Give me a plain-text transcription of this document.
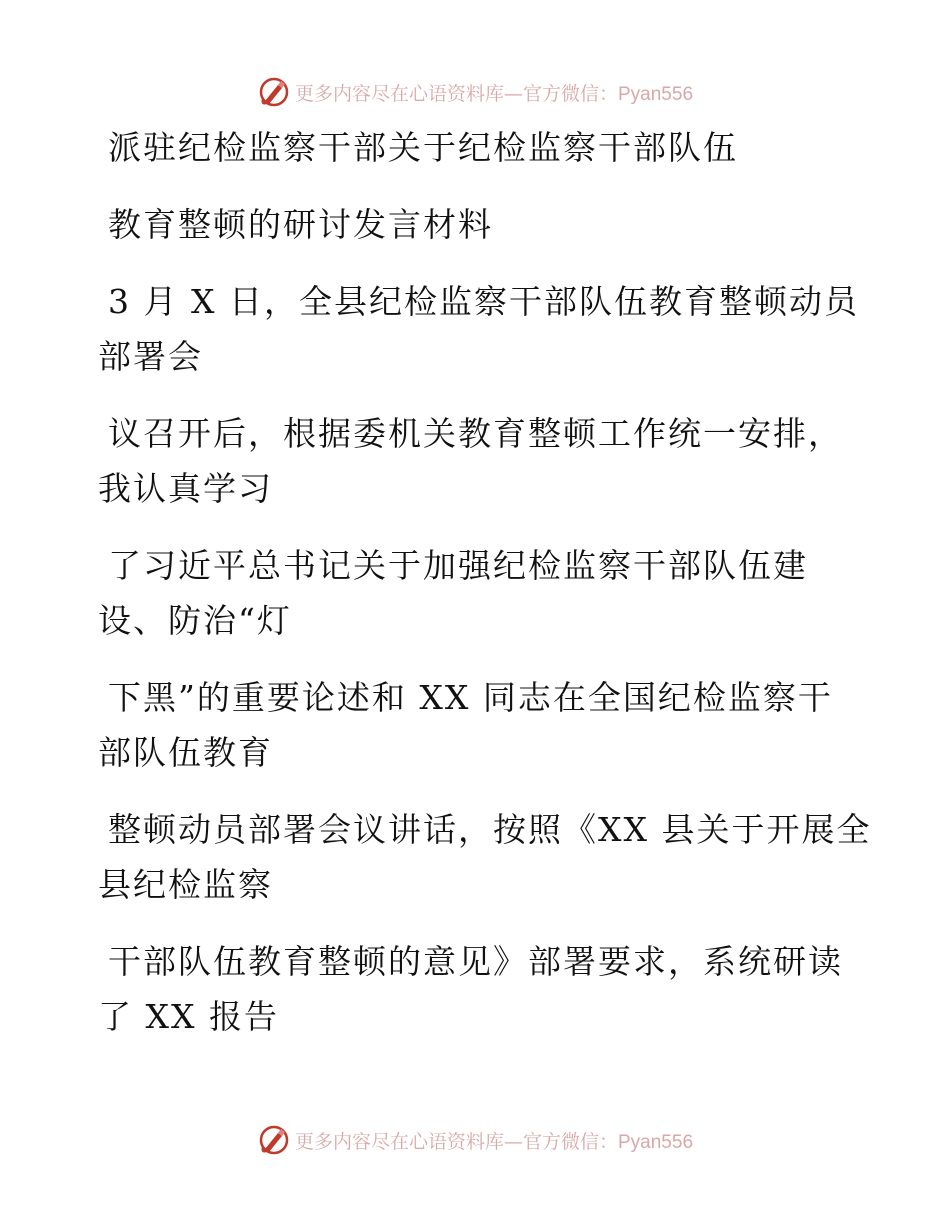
更多内容尽在心语资料库—官方微信：Pyan556
派驻纪检监察干部关于纪检监察干部队伍
教育整顿的研讨发言材料
3 月 X 日，全县纪检监察干部队伍教育整顿动员
部署会
议召开后，根据委机关教育整顿工作统一安排，
我认真学习
了习近平总书记关于加强纪检监察干部队伍建
设、防治“灯
下黑”的重要论述和 XX 同志在全国纪检监察干
部队伍教育
整顿动员部署会议讲话，按照《XX 县关于开展全
县纪检监察
干部队伍教育整顿的意见》部署要求，系统研读
了 XX 报告
更多内容尽在心语资料库—官方微信：Pyan556
